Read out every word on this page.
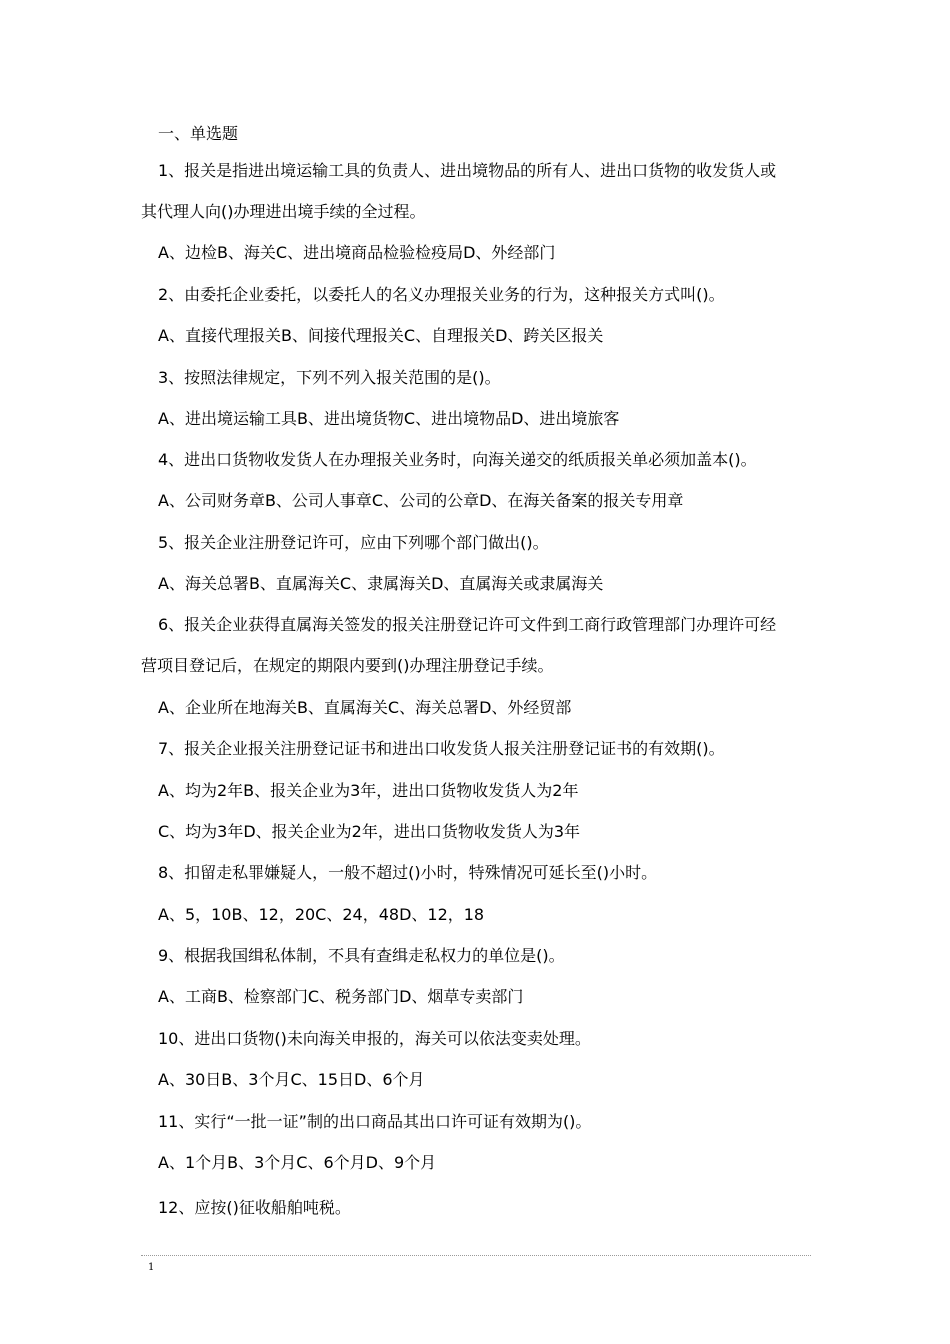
一、单选题
1、报关是指进出境运输工具的负责人、进出境物品的所有人、进出口货物的收发货人或
其代理人向()办理进出境手续的全过程。
A、边检B、海关C、进出境商品检验检疫局D、外经部门
2、由委托企业委托，以委托人的名义办理报关业务的行为，这种报关方式叫()。
A、直接代理报关B、间接代理报关C、自理报关D、跨关区报关
3、按照法律规定，下列不列入报关范围的是()。
A、进出境运输工具B、进出境货物C、进出境物品D、进出境旅客
4、进出口货物收发货人在办理报关业务时，向海关递交的纸质报关单必须加盖本()。
A、公司财务章B、公司人事章C、公司的公章D、在海关备案的报关专用章
5、报关企业注册登记许可，应由下列哪个部门做出()。
A、海关总署B、直属海关C、隶属海关D、直属海关或隶属海关
6、报关企业获得直属海关签发的报关注册登记许可文件到工商行政管理部门办理许可经
营项目登记后，在规定的期限内要到()办理注册登记手续。
A、企业所在地海关B、直属海关C、海关总署D、外经贸部
7、报关企业报关注册登记证书和进出口收发货人报关注册登记证书的有效期()。
A、均为2年B、报关企业为3年，进出口货物收发货人为2年
C、均为3年D、报关企业为2年，进出口货物收发货人为3年
8、扣留走私罪嫌疑人，一般不超过()小时，特殊情况可延长至()小时。
A、5，10B、12，20C、24，48D、12，18
9、根据我国缉私体制，不具有查缉走私权力的单位是()。
A、工商B、检察部门C、税务部门D、烟草专卖部门
10、进出口货物()未向海关申报的，海关可以依法变卖处理。
A、30日B、3个月C、15日D、6个月
11、实行“一批一证”制的出口商品其出口许可证有效期为()。
A、1个月B、3个月C、6个月D、9个月
12、应按()征收船舶吨税。
1
